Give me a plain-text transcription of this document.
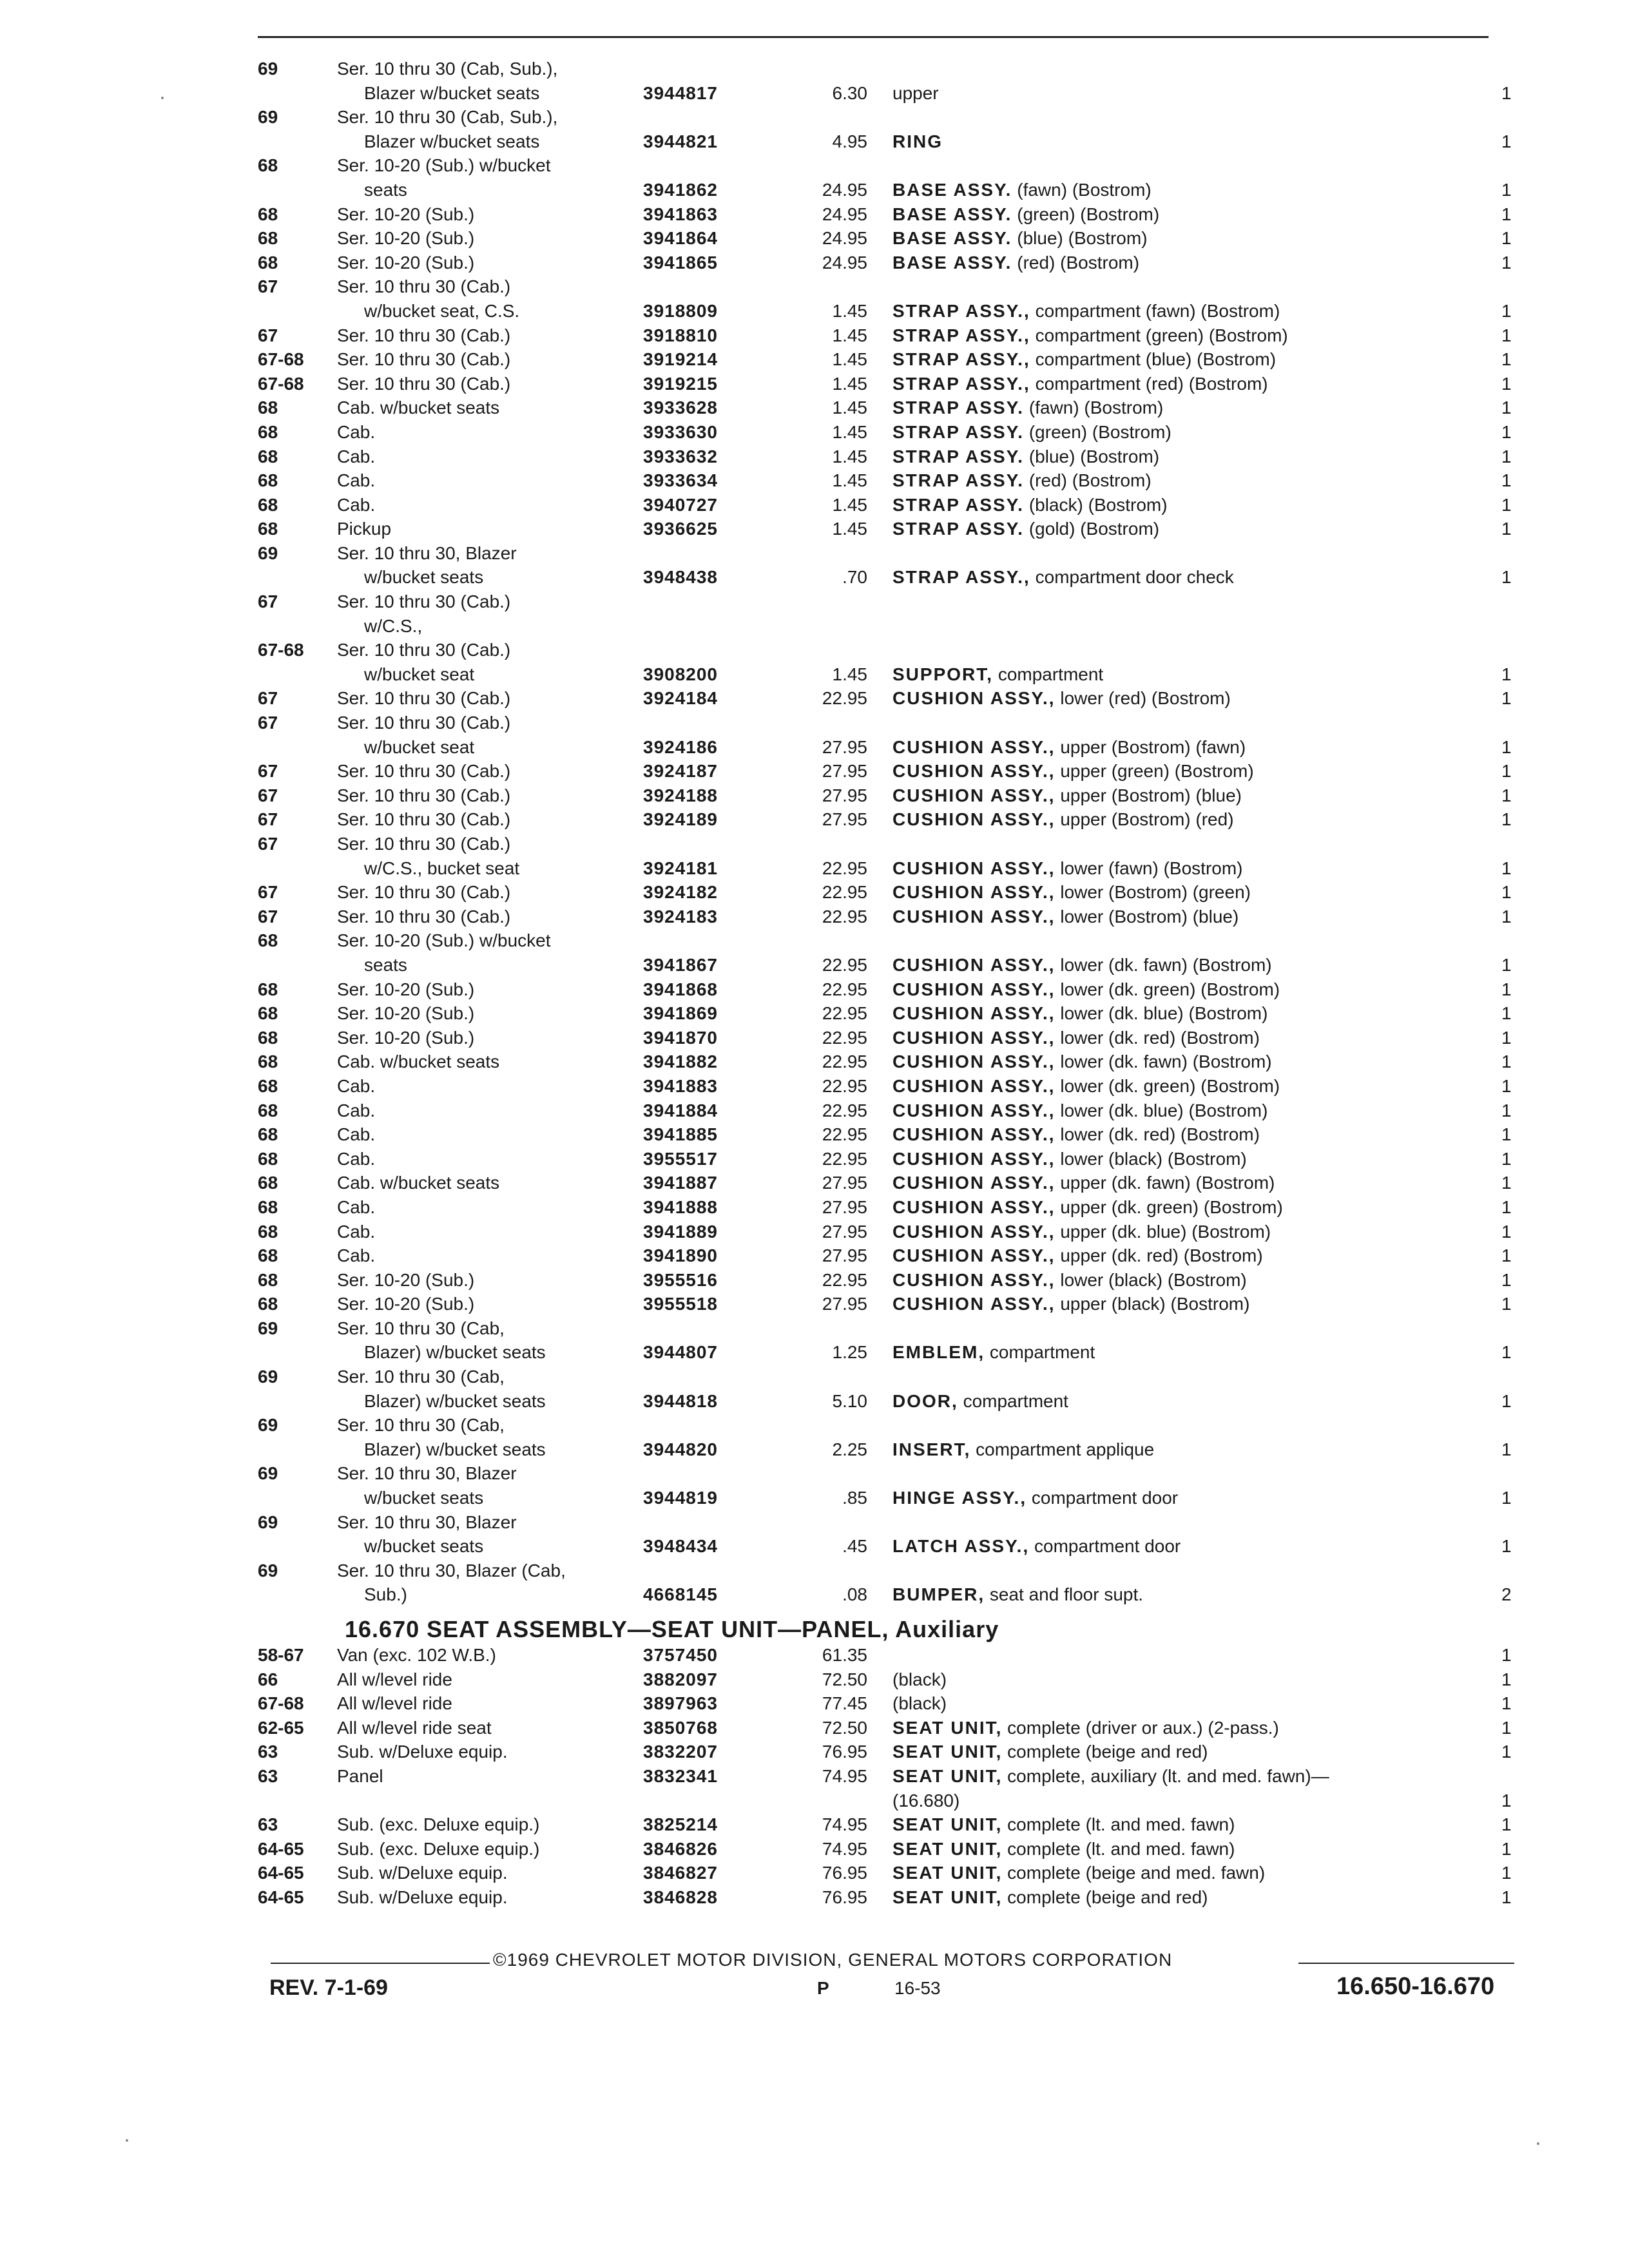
69	Ser. 10 thru 30 (Cab, Sub.),
Blazer w/bucket seats	3944817	6.30 upper	1
69	Ser. 10 thru 30 (Cab, Sub.),
Blazer w/bucket seats	3944821	4.95 RING	1
68	Ser. 10-20 (Sub.) w/bucket
seats	3941862	24.95 BASE ASSY. (fawn) (Bostrom)	1
68	Ser. 10-20 (Sub.)	3941863	24.95 BASE ASSY. (green) (Bostrom)	1
68	Ser. 10-20 (Sub.)	3941864	24.95 BASE ASSY. (blue) (Bostrom)	1
68	Ser. 10-20 (Sub.)	3941865	24.95 BASE ASSY. (red) (Bostrom)	1
67	Ser. 10 thru 30 (Cab.)
w/bucket seat, C.S.	3918809	1.45 STRAP ASSY., compartment (fawn) (Bostrom)	1
67	Ser. 10 thru 30 (Cab.)	3918810	1.45 STRAP ASSY., compartment (green) (Bostrom)	1
67-68 Ser. 10 thru 30 (Cab.)	3919214	1.45 STRAP ASSY., compartment (blue) (Bostrom)	1
67-68 Ser. 10 thru 30 (Cab.)	3919215	1.45 STRAP ASSY., compartment (red) (Bostrom)	1
68	Cab. w/bucket seats	3933628	1.45 STRAP ASSY. (fawn) (Bostrom)	1
68	Cab.	3933630	1.45 STRAP ASSY. (green) (Bostrom)	1
68	Cab.	3933632	1.45 STRAP ASSY. (blue) (Bostrom)	1
68	Cab.	3933634	1.45 STRAP ASSY. (red) (Bostrom)	1
68	Cab.	3940727	1.45 STRAP ASSY. (black) (Bostrom)	1
68	Pickup	3936625	1.45 STRAP ASSY. (gold) (Bostrom)	1
69	Ser. 10 thru 30, Blazer
w/bucket seats	3948438	.70 STRAP ASSY., compartment door check	1
67	Ser. 10 thru 30 (Cab.)
w/C.S.,
67-68 Ser. 10 thru 30 (Cab.)
w/bucket seat	3908200	1.45 SUPPORT, compartment	1
67	Ser. 10 thru 30 (Cab.)	3924184	22.95 CUSHION ASSY., lower (red) (Bostrom)	1
67	Ser. 10 thru 30 (Cab.)
w/bucket seat	3924186	27.95 CUSHION ASSY., upper (Bostrom) (fawn)	1
67	Ser. 10 thru 30 (Cab.)	3924187	27.95 CUSHION ASSY., upper (green) (Bostrom)	1
67	Ser. 10 thru 30 (Cab.)	3924188	27.95 CUSHION ASSY., upper (Bostrom) (blue)	1
67	Ser. 10 thru 30 (Cab.)	3924189	27.95 CUSHION ASSY., upper (Bostrom) (red)	1
67	Ser. 10 thru 30 (Cab.)
w/C.S., bucket seat	3924181	22.95 CUSHION ASSY., lower (fawn) (Bostrom)	1
67	Ser. 10 thru 30 (Cab.)	3924182	22.95 CUSHION ASSY., lower (Bostrom) (green)	1
67	Ser. 10 thru 30 (Cab.)	3924183	22.95 CUSHION ASSY., lower (Bostrom) (blue)	1
68	Ser. 10-20 (Sub.) w/bucket
seats	3941867	22.95 CUSHION ASSY., lower (dk. fawn) (Bostrom)	1
68	Ser. 10-20 (Sub.)	3941868	22.95 CUSHION ASSY., lower (dk. green) (Bostrom)	1
68	Ser. 10-20 (Sub.)	3941869	22.95 CUSHION ASSY., lower (dk. blue) (Bostrom)	1
68	Ser. 10-20 (Sub.)	3941870	22.95 CUSHION ASSY., lower (dk. red) (Bostrom)	1
68	Cab. w/bucket seats	3941882	22.95 CUSHION ASSY., lower (dk. fawn) (Bostrom)	1
68	Cab.	3941883	22.95 CUSHION ASSY., lower (dk. green) (Bostrom)	1
68	Cab.	3941884	22.95 CUSHION ASSY., lower (dk. blue) (Bostrom)	1
68	Cab.	3941885	22.95 CUSHION ASSY., lower (dk. red) (Bostrom)	1
68	Cab.	3955517	22.95 CUSHION ASSY., lower (black) (Bostrom)	1
68	Cab. w/bucket seats	3941887	27.95 CUSHION ASSY., upper (dk. fawn) (Bostrom)	1
68	Cab.	3941888	27.95 CUSHION ASSY., upper (dk. green) (Bostrom)	1
68	Cab.	3941889	27.95 CUSHION ASSY., upper (dk. blue) (Bostrom)	1
68	Cab.	3941890	27.95 CUSHION ASSY., upper (dk. red) (Bostrom)	1
68	Ser. 10-20 (Sub.)	3955516	22.95 CUSHION ASSY., lower (black) (Bostrom)	1
68	Ser. 10-20 (Sub.)	3955518	27.95 CUSHION ASSY., upper (black) (Bostrom)	1
69	Ser. 10 thru 30 (Cab,
Blazer) w/bucket seats	3944807	1.25 EMBLEM, compartment	1
69	Ser. 10 thru 30 (Cab,
Blazer) w/bucket seats	3944818	5.10 DOOR, compartment	1
69	Ser. 10 thru 30 (Cab,
Blazer) w/bucket seats	3944820	2.25 INSERT, compartment applique	1
69	Ser. 10 thru 30, Blazer
w/bucket seats	3944819	.85 HINGE ASSY., compartment door	1
69	Ser. 10 thru 30, Blazer
w/bucket seats	3948434	.45 LATCH ASSY., compartment door	1
69	Ser. 10 thru 30, Blazer (Cab,
Sub.)	4668145	.08 BUMPER, seat and floor supt.	2
16.670 SEAT ASSEMBLY—SEAT UNIT—PANEL, Auxiliary
58-67 Van (exc. 102 W.B.)	3757450	61.35	1
66	All w/level ride	3882097	72.50 (black)	1
67-68 All w/level ride	3897963	77.45 (black)	1
62-65 All w/level ride seat	3850768	72.50 SEAT UNIT, complete (driver or aux.) (2-pass.)	1
63	Sub. w/Deluxe equip.	3832207	76.95 SEAT UNIT, complete (beige and red)	1
63	Panel	3832341	74.95 SEAT UNIT, complete, auxiliary (lt. and med. fawn)—
(16.680)	1
63	Sub. (exc. Deluxe equip.)	3825214	74.95 SEAT UNIT, complete (lt. and med. fawn)	1
64-65 Sub. (exc. Deluxe equip.)	3846826	74.95 SEAT UNIT, complete (lt. and med. fawn)	1
64-65 Sub. w/Deluxe equip.	3846827	76.95 SEAT UNIT, complete (beige and med. fawn)	1
64-65 Sub. w/Deluxe equip.	3846828	76.95 SEAT UNIT, complete (beige and red)	1
©1969 CHEVROLET MOTOR DIVISION, GENERAL MOTORS CORPORATION
REV. 7-1-69	P	16-53	16.650-16.670
